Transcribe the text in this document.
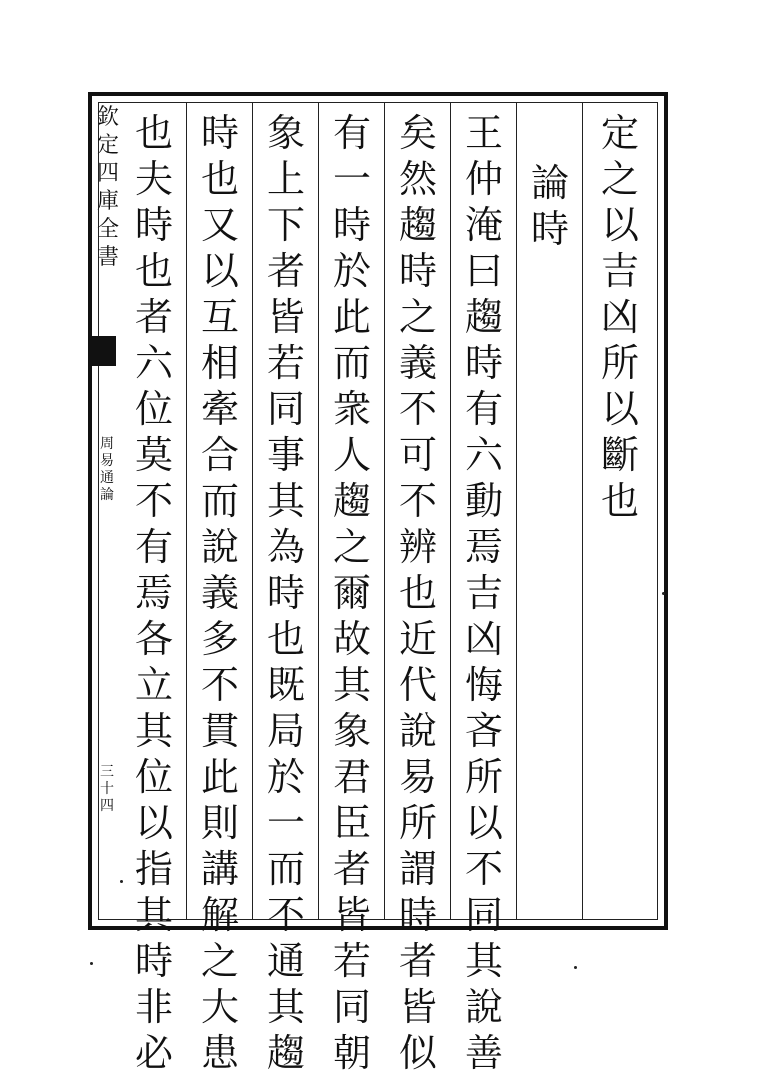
欽
定
四
庫
全
書
周
易
通
論
三
十
四
定
之
以
吉
凶
所
以
斷
也
論
時
王
仲
淹
曰
趨
時
有
六
動
焉
吉
凶
悔
吝
所
以
不
同
其
說
善
矣
然
趨
時
之
義
不
可
不
辨
也
近
代
說
易
所
謂
時
者
皆
似
有
一
時
於
此
而
衆
人
趨
之
爾
故
其
象
君
臣
者
皆
若
同
朝
象
上
下
者
皆
若
同
事
其
為
時
也
既
局
於
一
而
不
通
其
趨
時
也
又
以
互
相
牽
合
而
說
義
多
不
貫
此
則
講
解
之
大
患
也
夫
時
也
者
六
位
莫
不
有
焉
各
立
其
位
以
指
其
時
非
必
